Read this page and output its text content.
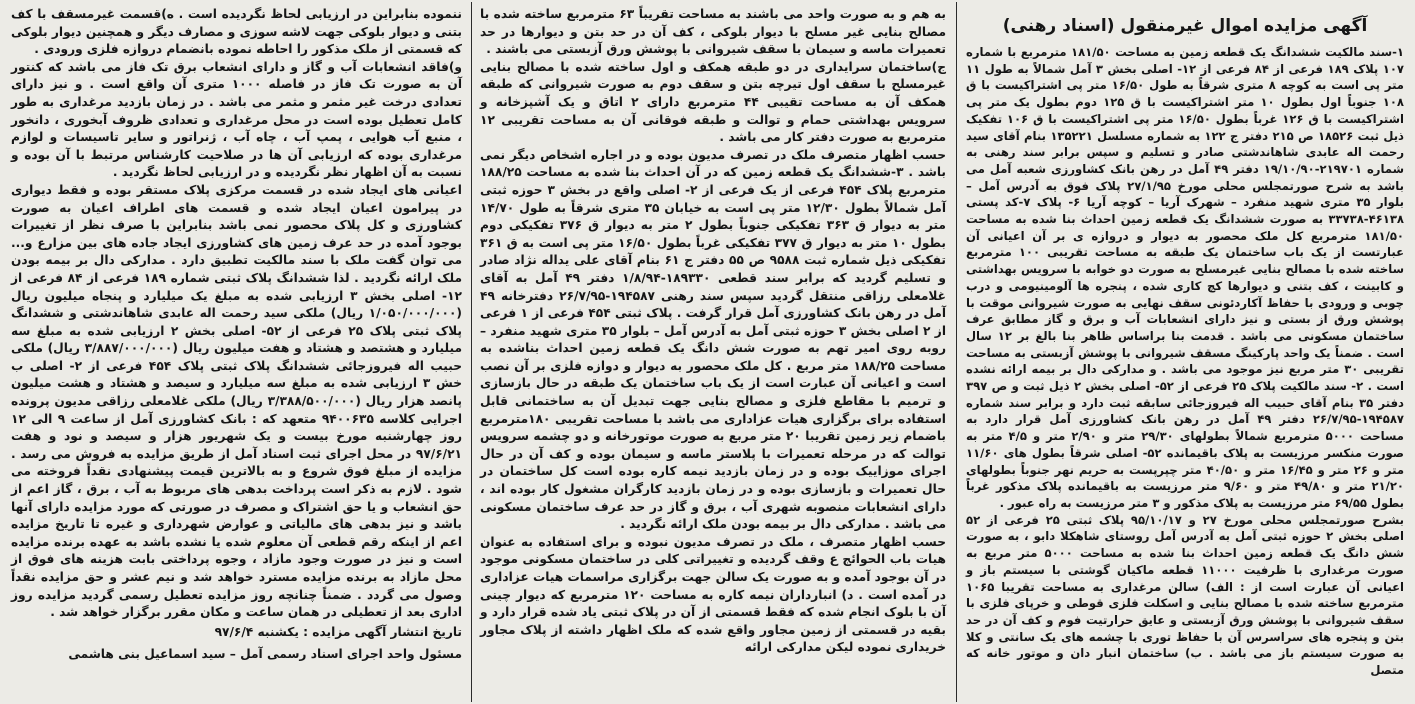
آگهی مزایده اموال غیرمنقول (اسناد رهنی)

۱-سند مالکیت ششدانگ یک قطعه زمین به مساحت ۱۸۱/۵۰ مترمربع با شماره ۱۰۷ پلاک ۱۸۹ فرعی از ۸۴ فرعی از ۱۲- اصلی بخش ۳ آمل شمالاً به طول ۱۱ متر پی است به کوچه ۸ متری شرقاً به طول ۱۶/۵۰ متر پی اشتراکیست با ق ۱۰۸ جنوباً اول بطول ۱۰ متر اشتراکیست با ق ۱۲۵ دوم بطول یک متر پی اشتراکیست با ق ۱۲۶ غرباً بطول ۱۶/۵۰ متر پی اشتراکیست با ق ۱۰۶ تفکیک ذیل ثبت ۱۸۵۲۶ ص ۲۱۵ دفتر ج ۱۲۲ به شماره مسلسل ۱۳۵۲۲۱ بنام آقای سید رحمت اله عابدی شاهاندشتی صادر و تسلیم و سپس برابر سند رهنی به شماره ۲۱۹۷۰۱-۱۹/۱۰/۹۰ دفتر ۴۹ آمل در رهن بانک کشاورزی شعبه آمل می باشد به شرح صورتمجلس محلی مورخ ۲۷/۱/۹۵ پلاک فوق به آدرس آمل – بلوار ۳۵ متری شهید منفرد – شهرک آریا – کوچه آریا ۶- پلاک ۷-کد پستی ۴۶۱۳۸-۳۳۷۳۸ به صورت ششدانگ یک قطعه زمین احداث بنا شده به مساحت ۱۸۱/۵۰ مترمربع کل ملک محصور به دیوار و دروازه ی بر آن اعیانی آن عبارتست از یک باب ساختمان یک طبقه به مساحت تقریبی ۱۰۰ مترمربع ساخته شده با مصالح بنایی غیرمسلح به صورت دو خوابه با سرویس بهداشتی و کابینت ، کف بتنی و دیوارها کچ کاری شده ، پنجره ها آلومینیومی و درب چوبی و ورودی با حفاظ آکاردئونی سقف نهایی به صورت شیروانی موقت با پوشش ورق از بستی و نیز دارای انشعابات آب و برق و گاز مطابق عرف ساختمان مسکونی می باشد . قدمت بنا براساس ظاهر بنا بالغ بر ۱۲ سال است . ضمناً یک واحد پارکینگ مسقف شیروانی با پوشش آزبستی به مساحت تقریبی ۳۰ متر مربع نیز موجود می باشد . و مدارکی دال بر بیمه ارائه نشده است . ۲- سند مالکیت پلاک ۲۵ فرعی از ۵۲- اصلی بخش ۲ ذیل ثبت و ص ۳۹۷ دفتر ۳۵ بنام آقای حبیب اله فیروزجائی سابقه ثبت دارد و برابر سند شماره ۱۹۴۵۸۷-۲۶/۷/۹۵ دفتر ۴۹ آمل در رهن بانک کشاورزی آمل قرار دارد به مساحت ۵۰۰۰ مترمربع شمالاً بطولهای ۲۹/۳۰ متر و ۲/۹۰ متر و ۴/۵ متر به صورت منکسر مرزیست به پلاک باقیمانده ۵۲- اصلی شرقاً بطول های ۱۱/۶۰ متر و ۲۶ متر و ۱۶/۴۵ متر و ۴۰/۵۰ متر چپرپست به حریم نهر جنوباً بطولهای ۲۱/۲۰ متر و ۴۹/۸۰ متر و ۹/۶۰ متر مرزیست به باقیمانده پلاک مذکور غرباً بطول ۶۹/۵۵ متر مرزیست به پلاک مذکور و ۳ متر مرزیست به راه عبور .

بشرح صورتمجلس محلی مورخ ۲۷ و ۹۵/۱۰/۱۷ پلاک ثبتی ۲۵ فرعی از ۵۲ اصلی بخش ۲ حوزه ثبتی آمل به آدرس آمل روستای شاهکلا دابو ، به صورت شش دانگ یک قطعه زمین احداث بنا شده به مساحت ۵۰۰۰ متر مربع به صورت مرغداری با ظرفیت ۱۱۰۰۰ قطعه ماکیان گوشتی با سیستم باز و اعیانی آن عبارت است از : الف) سالن مرغداری به مساحت تقریبا ۱۰۶۵ مترمربع ساخته شده با مصالح بنایی و اسکلت فلزی قوطی و خرپای فلزی با سقف شیروانی با پوشش ورق آزبستی و عایق حرارتیت فوم و کف آن در حد بتن و پنجره های سراسرس آن با حفاظ توری با چشمه های یک سانتی و کلا به صورت سیستم باز می باشد . ب) ساختمان انبار دان و موتور خانه که متصل

به هم و به صورت واحد می باشند به مساحت تقریباً ۶۳ مترمربع ساخته شده با مصالح بنایی غیر مسلح با دیوار بلوکی ، کف آن در حد بتن و دیوارها در حد تعمیرات ماسه و سیمان با سقف شیروانی با پوشش ورق آزبستی می باشند .

ج)ساختمان سرایداری در دو طبقه همکف و اول ساخته شده با مصالح بنایی غیرمسلح با سقف اول تیرچه بتن و سقف دوم به صورت شیروانی که طبقه همکف آن به مساحت تقیبی ۴۴ مترمربع دارای ۲ اتاق و یک آشپزخانه و سرویس بهداشتی حمام و توالت و طبقه فوقانی آن به مساحت تقریبی ۱۲ مترمربع به صورت دفتر کار می باشد .

حسب اظهار متصرف ملک در تصرف مدیون بوده و در اجاره اشخاص دیگر نمی باشد . ۳-ششدانگ یک قطعه زمین که در آن احداث بنا شده به مساحت ۱۸۸/۲۵ مترمربع پلاک ۴۵۴ فرعی از یک فرعی از ۲- اصلی واقع در بخش ۳ حوزه ثبتی آمل شمالاً بطول ۱۲/۳۰ متر پی است به خیابان ۳۵ متری شرقاً به طول ۱۴/۷۰ متر به دیوار ق ۳۶۳ تفکیکی جنوباً بطول ۲ متر به دیوار ق ۳۷۶ تفکیکی دوم بطول ۱۰ متر به دیوار ق ۳۷۷ تفکیکی غرباً بطول ۱۶/۵۰ متر پی است به ق ۳۶۱ تفکیکی ذیل شماره ثبت ۹۵۸۸ ص ۵۵ دفتر ج ۶۱ بنام آقای علی یداله نژاد صادر و تسلیم گردید که برابر سند قطعی ۱۸۹۳۳۰-۱/۸/۹۴ دفتر ۴۹ آمل به آقای غلامعلی رزاقی منتقل گردید سپس سند رهنی ۱۹۴۵۸۷-۲۶/۷/۹۵ دفترخانه ۴۹ آمل در رهن بانک کشاورزی آمل قرار گرفت . پلاک ثبتی ۴۵۴ فرعی از ۱ فرعی از ۲ اصلی بخش ۳ حوزه ثبتی آمل به آدرس آمل – بلوار ۳۵ متری شهید منفرد – روبه روی امیر تهم به صورت شش دانگ یک قطعه زمین احداث بناشده به مساحت ۱۸۸/۲۵ متر مربع . کل ملک محصور به دیوار و دوازه فلزی بر آن نصب است و اعیانی آن عبارت است از یک باب ساختمان یک طبقه در حال بازسازی و ترمیم با مقاطع فلزی و مصالح بنایی جهت تبدیل آن به ساختمانی قابل استفاده برای برگزاری هیات عزاداری می باشد با مساحت تقریبی ۱۸۰مترمربع باضمام زیر زمین تقریبا ۲۰ متر مربع به صورت موتورخانه و دو چشمه سرویس توالت که در مرحله تعمیرات با پلاستر ماسه و سیمان بوده و کف آن در حال اجرای موزاییک بوده و در زمان بازدید نیمه کاره بوده است کل ساختمان در حال تعمیرات و بازسازی بوده و در زمان بازدید کارگران مشغول کار بوده اند ، دارای انشعابات منصوبه شهری آب ، برق و گاز در حد عرف ساختمان مسکونی می باشد . مدارکی دال بر بیمه بودن ملک ارائه نگردید .

حسب اظهار متصرف ، ملک در تصرف مدیون نبوده و برای استفاده به عنوان هیات باب الحوائج ع وقف گردیده و تغییراتی کلی در ساختمان مسکونی موجود در آن بوجود آمده و به صورت یک سالن جهت برگزاری مراسمات هیات عزاداری در آمده است . د) انبارداران نیمه کاره به مساحت ۱۲۰ مترمربع که دیوار چینی آن با بلوک انجام شده که فقط قسمتی از آن در پلاک ثبتی یاد شده قرار دارد و بقیه در قسمتی از زمین مجاور واقع شده که ملک اظهار داشته از پلاک مجاور خریداری نموده لیکن مدارکی ارائه

ننموده بنابراین در ارزیابی لحاظ نگردیده است . ه)قسمت غیرمسقف با کف بتنی و دیوار بلوکی جهت لاشه سوزی و مصارف دیگر و همچنین دیوار بلوکی که قسمتی از ملک مذکور را احاطه نموده بانضمام دروازه فلزی ورودی .

و)فاقد انشعابات آب و گاز و دارای انشعاب برق تک فاز می باشد که کنتور آن به صورت تک فاز در فاصله ۱۰۰۰ متری آن واقع است . و نیز دارای تعدادی درخت غیر مثمر و مثمر می باشد . در زمان بازدید مرغداری به طور کامل تعطیل بوده است در محل مرغداری و تعدادی ظروف آبخوری ، دانخور ، منبع آب هوایی ، پمپ آب ، چاه آب ، ژنراتور و سایر تاسیسات و لوازم مرغداری بوده که ارزیابی آن ها در صلاحیت کارشناس مرتبط با آن بوده و نسبت به آن اظهار نظر نگردیده و در ارزیابی لحاظ نگردید .

اعیانی های ایجاد شده در قسمت مرکزی پلاک مستقر بوده و فقط دیواری در پیرامون اعیان ایجاد شده و قسمت های اطراف اعیان به صورت کشاورزی و کل پلاک محصور نمی باشد بنابراین با صرف نظر از تغییرات بوجود آمده در حد عرف زمین های کشاورزی ایجاد جاده های بین مزارع و... می توان گفت ملک با سند مالکیت تطبیق دارد . مدارکی دال بر بیمه بودن ملک ارائه نگردید . لذا ششدانگ پلاک ثبتی شماره ۱۸۹ فرعی از ۸۴ فرعی از ۱۲- اصلی بخش ۳ ارزیابی شده به مبلغ یک میلیارد و پنجاه میلیون ریال (۱/۰۵۰/۰۰۰/۰۰۰ ریال) ملکی سید رحمت اله عابدی شاهاندشتی و ششدانگ پلاک ثبتی پلاک ۲۵ فرعی از ۵۲- اصلی بخش ۲ ارزیابی شده به مبلغ سه میلیارد و هشتصد و هشتاد و هفت میلیون ریال (۳/۸۸۷/۰۰۰/۰۰۰ ریال) ملکی حبیب اله فیروزجائی ششدانگ پلاک ثبتی پلاک ۴۵۴ فرعی از ۲- اصلی ب خش ۳ ارزیابی شده به مبلغ سه میلیارد و سیصد و هشتاد و هشت میلیون پانصد هزار ریال (۳/۳۸۸/۵۰۰/۰۰۰ ریال) ملکی غلامعلی رزاقی مدیون پرونده اجرایی کلاسه ۹۴۰۰۶۳۵ متعهد که : بانک کشاورزی آمل از ساعت ۹ الی ۱۲ روز چهارشنبه مورخ بیست و یک شهریور هزار و سیصد و نود و هفت ۹۷/۶/۲۱ در محل اجرای ثبت اسناد آمل از طریق مزایده به فروش می رسد . مزایده از مبلغ فوق شروع و به بالاترین قیمت پیشنهادی نقداً فروخته می شود . لازم به ذکر است پرداخت بدهی های مربوط به آب ، برق ، گاز اعم از حق انشعاب و یا حق اشتراک و مصرف در صورتی که مورد مزایده دارای آنها باشد و نیز بدهی های مالیاتی و عوارض شهرداری و غیره تا تاریخ مزایده اعم از اینکه رقم قطعی آن معلوم شده یا نشده باشد به عهده برنده مزایده است و نیز در صورت وجود مازاد ، وجوه پرداختی بابت هزینه های فوق از محل مازاد به برنده مزایده مسترد خواهد شد و نیم عشر و حق مزایده نقداً وصول می گردد . ضمناً چنانچه روز مزایده تعطیل رسمی گردید مزایده روز اداری بعد از تعطیلی در همان ساعت و مکان مقرر برگزار خواهد شد .

تاریخ انتشار آگهی مزایده : یکشنبه ۹۷/۶/۴

مسئول واحد اجرای اسناد رسمی آمل – سید اسماعیل بنی هاشمی
